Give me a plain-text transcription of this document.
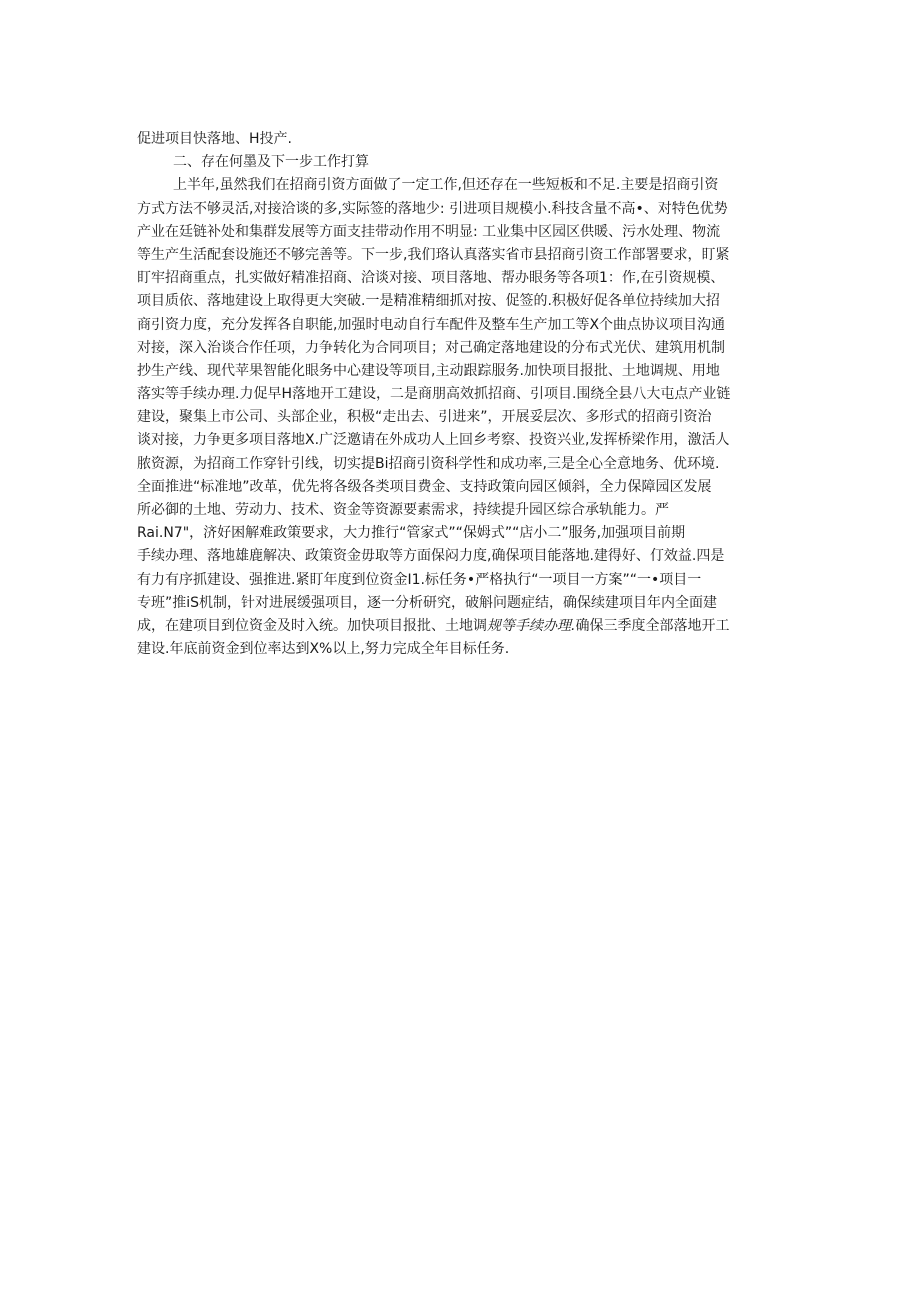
促进项目快落地、H投产.
二、存在何墨及下一步工作打算
上半年,虽然我们在招商引资方面做了一定工作,但还存在一些短板和不足.主要是招商引资
方式方法不够灵活,对接洽谈的多,实际签的落地少: 引进项目规模小.科技含量不高•、对特色优势
产业在廷链补处和集群发展等方面支挂带动作用不明显: 工业集中区园区供暖、污水处理、物流
等生产生活配套设施还不够完善等。下一步,我们珞认真落实省市县招商引资工作部署要求，盯紧
盯牢招商重点，扎实做好精准招商、洽谈对接、项目落地、帮办眼务等各项1：作,在引资规模、
项目质依、落地建设上取得更大突破.一是精准精细抓对按、促签的.积极好促各单位持续加大招
商引资力度，充分发挥各自职能,加强时电动自行车配件及整车生产加工等X个曲点协议项目沟通
对接，深入治谈合作任项，力争转化为合同项目；对己确定落地建设的分布式光伏、建筑用机制
抄生产线、现代苹果智能化眼务中心建设等项目,主动跟踪服务.加快项目报批、土地调规、用地
落实等手续办理.力促早H落地开工建设，二是商朋高效抓招商、引项目.围绕全县八大屯点产业链
建设，聚集上市公司、头部企业，积极“走出去、引进来”，开展妥层次、多形式的招商引资治
谈对接，力争更多项目落地X.广泛邀请在外成功人上回乡考察、投资兴业,发挥桥梁作用，激活人
脓资源，为招商工作穿针引线，切实提Bi招商引资科学性和成功率,三是全心全意地务、优环境.
全面推进“标准地”改革，优先将各级各类项目费金、支持政策向园区倾斜，全力保障园区发展
所必御的土地、劳动力、技术、资金等资源要素需求，持续提升园区综合承轨能力。严
Rai.N7"，济好困解难政策要求，大力推行“管家式”“保姆式”“店小二”服务,加强项目前期
手续办理、落地雄鹿解决、政策资金毋取等方面保闷力度,确保项目能落地.建得好、仃效益.四是
有力有序抓建设、强推进.紧盯年度到位资金I1.标任务•严格执行“一项目一方案”“一•项目一
专班”推iS机制，针对进展缓强项目，逐一分析研究，破斛问题症结，确保续建项目年内全面建
成，在建项目到位资金及时入统。加快项目报批、土地调规等手续办理.确保三季度全部落地开工
建设.年底前资金到位率达到X%以上,努力完成全年目标任务.
